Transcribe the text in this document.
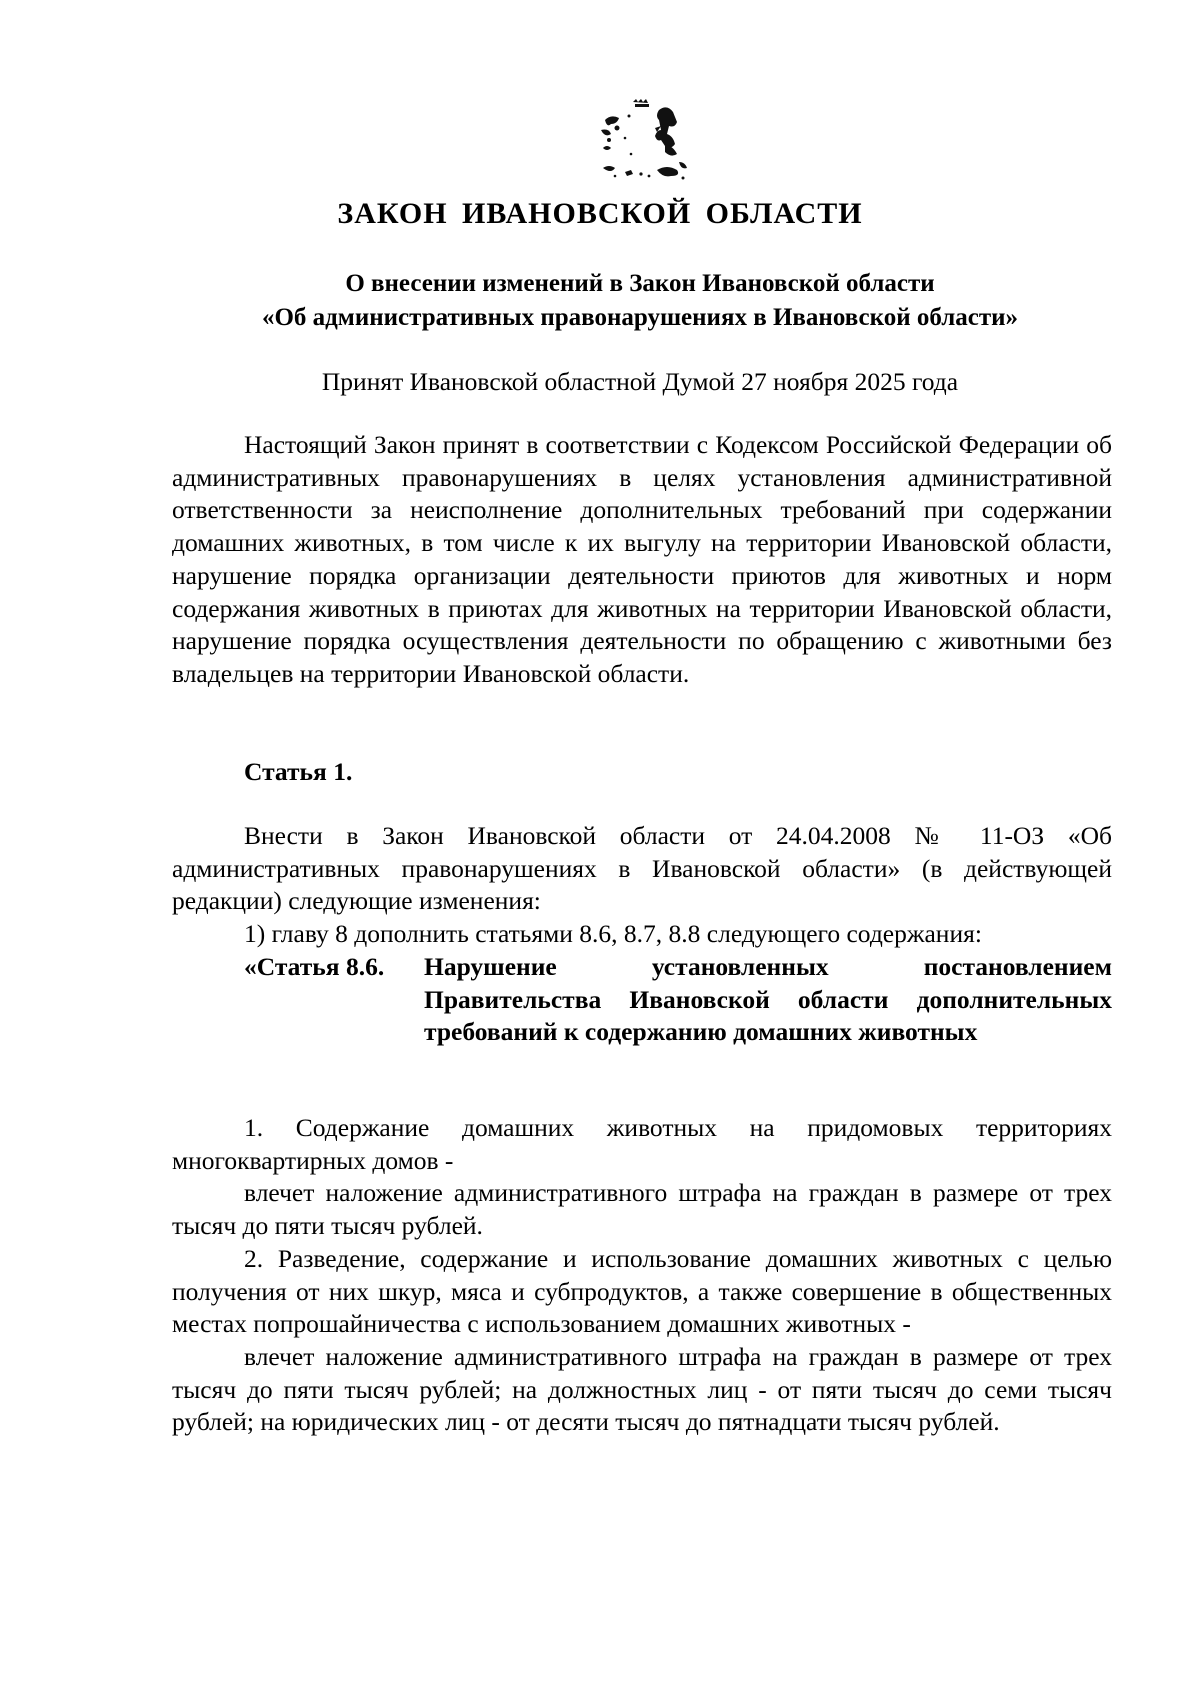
ЗАКОН ИВАНОВСКОЙ ОБЛАСТИ
О внесении изменений в Закон Ивановской области
«Об административных правонарушениях в Ивановской области»
Принят Ивановской областной Думой 27 ноября 2025 года

Настоящий Закон принят в соответствии с Кодексом Российской Федерации об административных правонарушениях в целях установления административной ответственности за неисполнение дополнительных требований при содержании домашних животных, в том числе к их выгулу на территории Ивановской области, нарушение порядка организации деятельности приютов для животных и норм содержания животных в приютах для животных на территории Ивановской области, нарушение порядка осуществления деятельности по обращению с животными без владельцев на территории Ивановской области.

Статья 1.

Внести в Закон Ивановской области от 24.04.2008 № 11-ОЗ «Об административных правонарушениях в Ивановской области» (в действующей редакции) следующие изменения:

1) главу 8 дополнить статьями 8.6, 8.7, 8.8 следующего содержания:

«Статья 8.6.	Нарушение установленных постановлением Правительства Ивановской области дополнительных требований к содержанию домашних животных

1. Содержание домашних животных на придомовых территориях многоквартирных домов -

влечет наложение административного штрафа на граждан в размере от трех тысяч до пяти тысяч рублей.

2. Разведение, содержание и использование домашних животных с целью получения от них шкур, мяса и субпродуктов, а также совершение в общественных местах попрошайничества с использованием домашних животных -

влечет наложение административного штрафа на граждан в размере от трех тысяч до пяти тысяч рублей; на должностных лиц - от пяти тысяч до семи тысяч рублей; на юридических лиц - от десяти тысяч до пятнадцати тысяч рублей.
